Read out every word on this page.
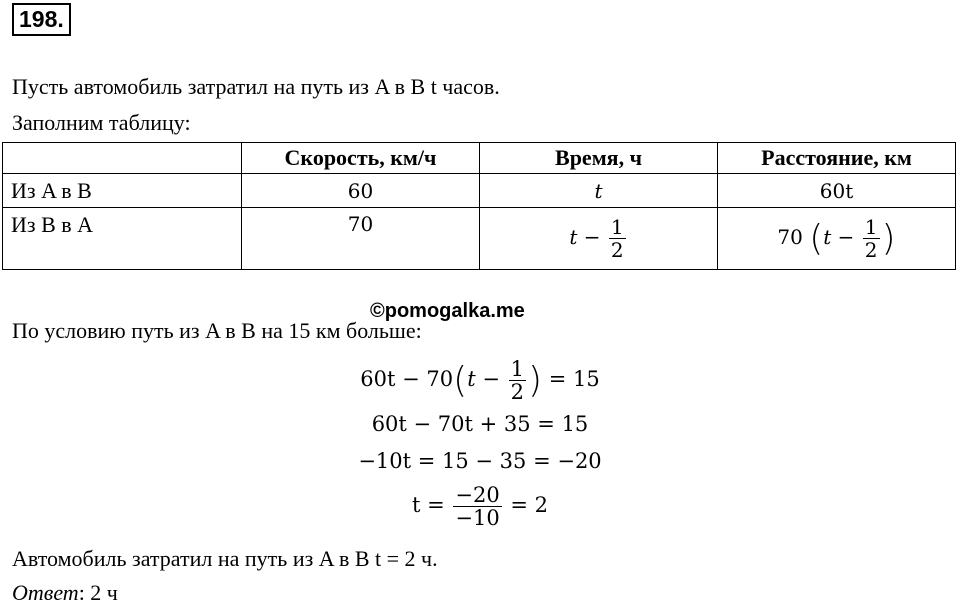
198.
Пусть автомобиль затратил на путь из A в B t часов.
Заполним таблицу:
	Скорость, км/ч	Время, ч	Расстояние, км
Из A в B	60	t	60t
Из B в A	70	$t - \frac{1}{2}$	70 ($t - \frac{1}{2}$ )
©pomogalka.me
По условию путь из A в B на 15 км больше:
$60t - 70(t - \frac{1}{2}$ ) = 15
60t − 70t + 35 = 15
−10t = 15 − 35 = −20
$t = \frac{-20}{-10} = 2$
Автомобиль затратил на путь из A в B t = 2 ч.
Ответ: 2 ч
